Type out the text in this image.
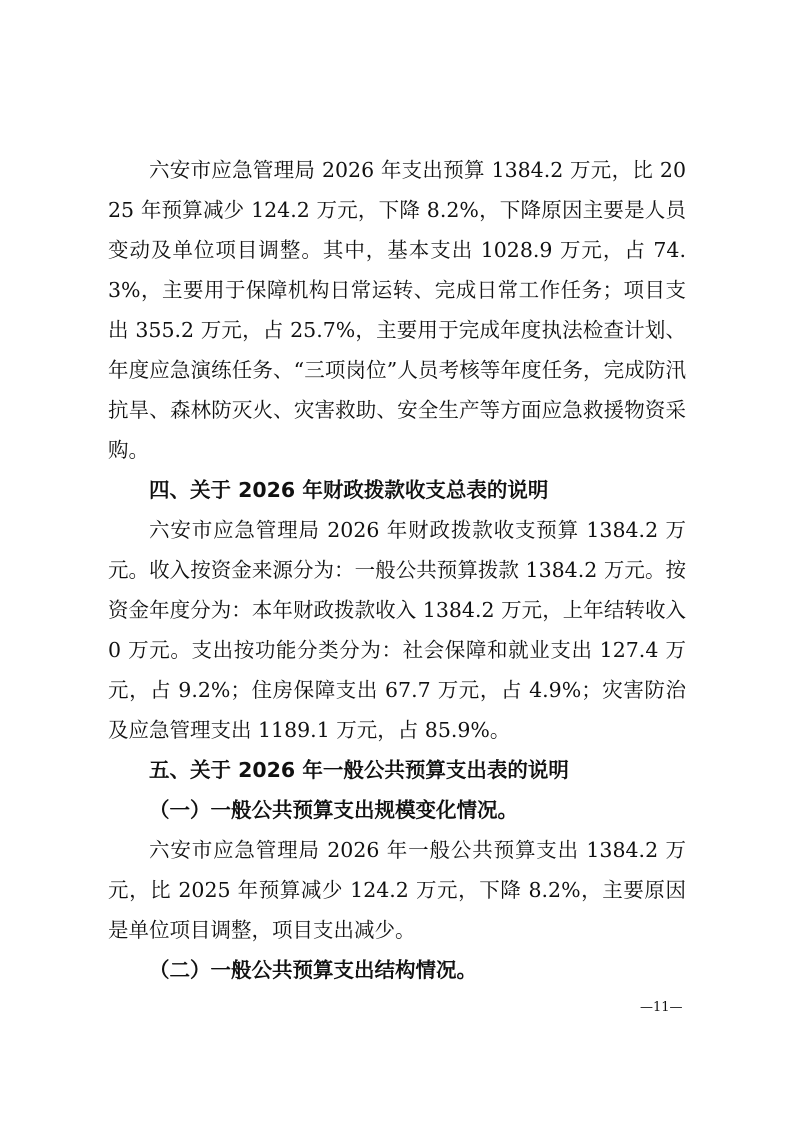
六安市应急管理局 2026 年支出预算 1384.2 万元，比 2025 年预算减少 124.2 万元，下降 8.2%，下降原因主要是人员变动及单位项目调整。其中，基本支出 1028.9 万元，占 74.3%，主要用于保障机构日常运转、完成日常工作任务；项目支出 355.2 万元，占 25.7%，主要用于完成年度执法检查计划、年度应急演练任务、“三项岗位”人员考核等年度任务，完成防汛抗旱、森林防灭火、灾害救助、安全生产等方面应急救援物资采购。

四、关于 2026 年财政拨款收支总表的说明

六安市应急管理局 2026 年财政拨款收支预算 1384.2 万元。收入按资金来源分为：一般公共预算拨款 1384.2 万元。按资金年度分为：本年财政拨款收入 1384.2 万元，上年结转收入 0 万元。支出按功能分类分为：社会保障和就业支出 127.4 万元，占 9.2%；住房保障支出 67.7 万元，占 4.9%；灾害防治及应急管理支出 1189.1 万元，占 85.9%。

五、关于 2026 年一般公共预算支出表的说明

（一）一般公共预算支出规模变化情况。

六安市应急管理局 2026 年一般公共预算支出 1384.2 万元，比 2025 年预算减少 124.2 万元，下降 8.2%，主要原因是单位项目调整，项目支出减少。

（二）一般公共预算支出结构情况。

—11—
